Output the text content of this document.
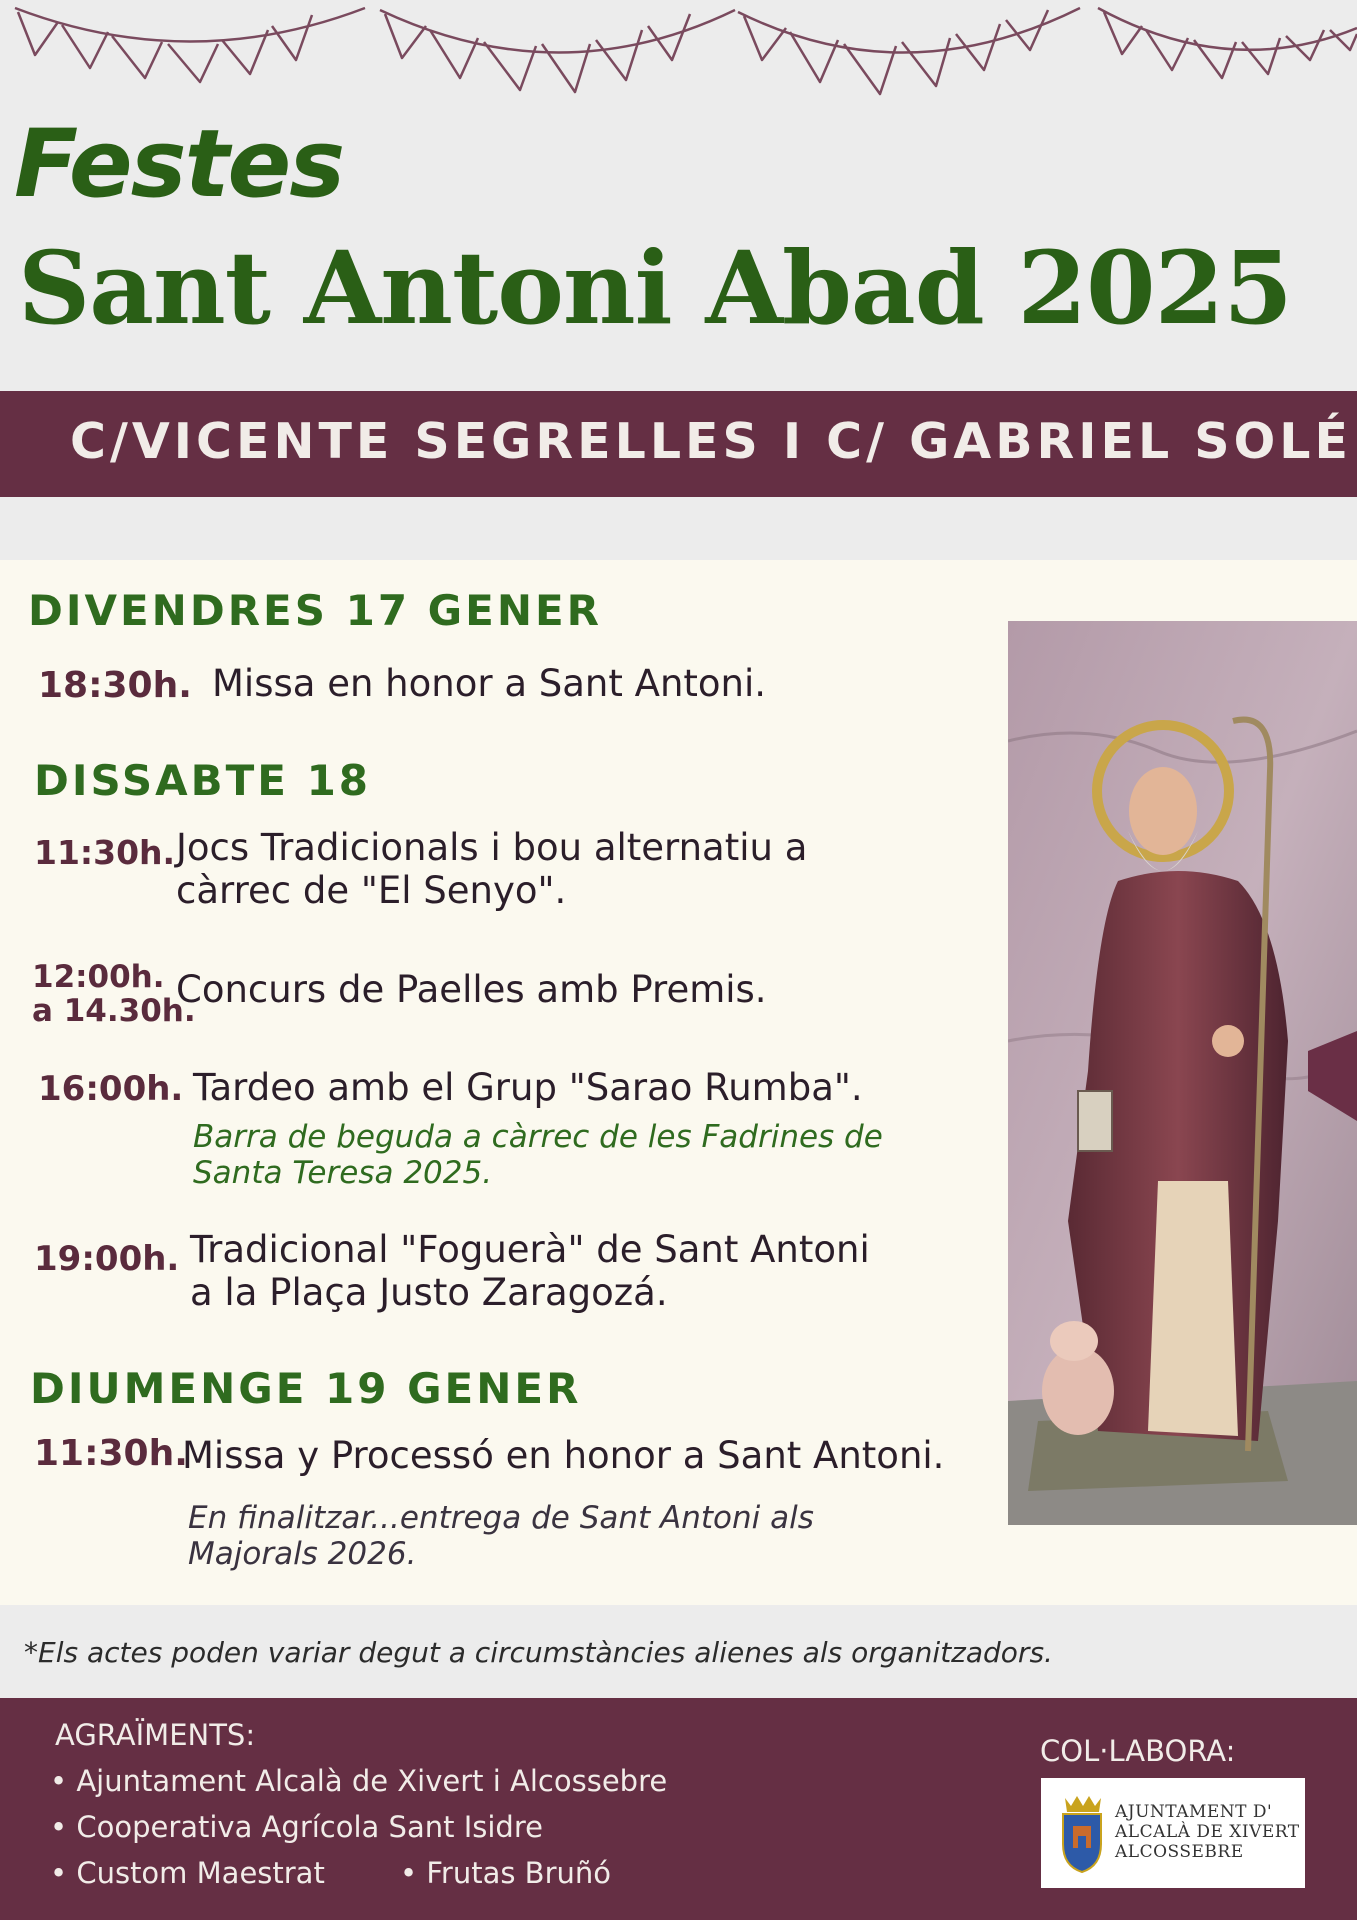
Festes
Sant Antoni Abad 2025
C/VICENTE SEGRELLES I C/ GABRIEL SOLÉ
DIVENDRES 17 GENER
18:30h. Missa en honor a Sant Antoni.
DISSABTE 18
11:30h. Jocs Tradicionals i bou alternatiu a càrrec de "El Senyo".
12:00h.
a 14.30h.
Concurs de Paelles amb Premis.
16:00h. Tardeo amb el Grup "Sarao Rumba".
Barra de beguda a càrrec de les Fadrines de Santa Teresa 2025.
19:00h. Tradicional "Foguerà" de Sant Antoni a la Plaça Justo Zaragozá.
DIUMENGE 19 GENER
11:30h.
Missa y Processó en honor a Sant Antoni.
En finalitzar...entrega de Sant Antoni als Majorals 2026.
*Els actes poden variar degut a circumstàncies alienes als organitzadors.
AGRAÏMENTS:
• Ajuntament Alcalà de Xivert i Alcossebre
• Cooperativa Agrícola Sant Isidre
• Custom Maestrat	• Frutas Bruñó
COL·LABORA:
AJUNTAMENT D'
ALCALÀ DE XIVERT
ALCOSSEBRE
